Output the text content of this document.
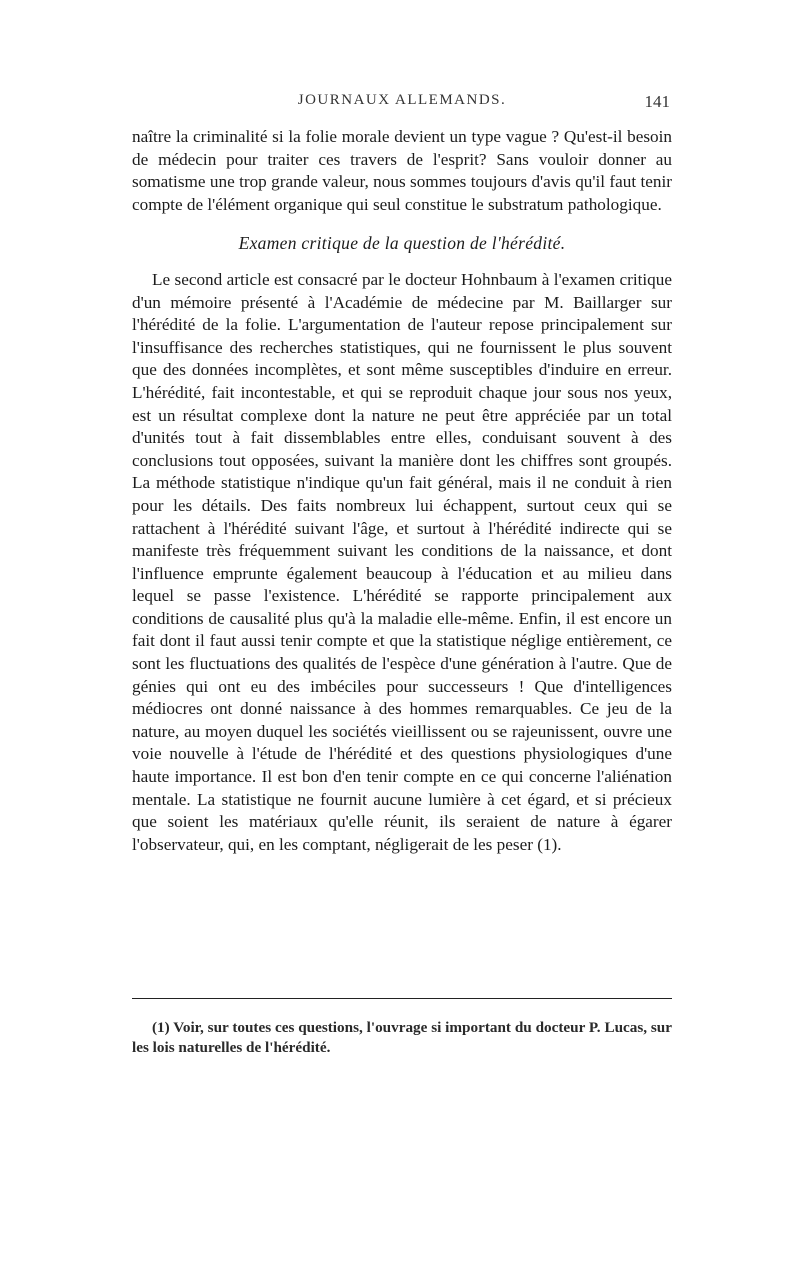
JOURNAUX ALLEMANDS.	141

naître la criminalité si la folie morale devient un type vague ? Qu'est-il besoin de médecin pour traiter ces travers de l'esprit? Sans vouloir donner au somatisme une trop grande valeur, nous sommes toujours d'avis qu'il faut tenir compte de l'élément organique qui seul constitue le substratum pathologique.

Examen critique de la question de l'hérédité.

Le second article est consacré par le docteur Hohnbaum à l'examen critique d'un mémoire présenté à l'Académie de médecine par M. Baillarger sur l'hérédité de la folie. L'argumentation de l'auteur repose principalement sur l'insuffisance des recherches statistiques, qui ne fournissent le plus souvent que des données incomplètes, et sont même susceptibles d'induire en erreur. L'hérédité, fait incontestable, et qui se reproduit chaque jour sous nos yeux, est un résultat complexe dont la nature ne peut être appréciée par un total d'unités tout à fait dissemblables entre elles, conduisant souvent à des conclusions tout opposées, suivant la manière dont les chiffres sont groupés. La méthode statistique n'indique qu'un fait général, mais il ne conduit à rien pour les détails. Des faits nombreux lui échappent, surtout ceux qui se rattachent à l'hérédité suivant l'âge, et surtout à l'hérédité indirecte qui se manifeste très fréquemment suivant les conditions de la naissance, et dont l'influence emprunte également beaucoup à l'éducation et au milieu dans lequel se passe l'existence. L'hérédité se rapporte principalement aux conditions de causalité plus qu'à la maladie elle-même. Enfin, il est encore un fait dont il faut aussi tenir compte et que la statistique néglige entièrement, ce sont les fluctuations des qualités de l'espèce d'une génération à l'autre. Que de génies qui ont eu des imbéciles pour successeurs ! Que d'intelligences médiocres ont donné naissance à des hommes remarquables. Ce jeu de la nature, au moyen duquel les sociétés vieillissent ou se rajeunissent, ouvre une voie nouvelle à l'étude de l'hérédité et des questions physiologiques d'une haute importance. Il est bon d'en tenir compte en ce qui concerne l'aliénation mentale. La statistique ne fournit aucune lumière à cet égard, et si précieux que soient les matériaux qu'elle réunit, ils seraient de nature à égarer l'observateur, qui, en les comptant, négligerait de les peser (1).

(1) Voir, sur toutes ces questions, l'ouvrage si important du docteur P. Lucas, sur les lois naturelles de l'hérédité.
